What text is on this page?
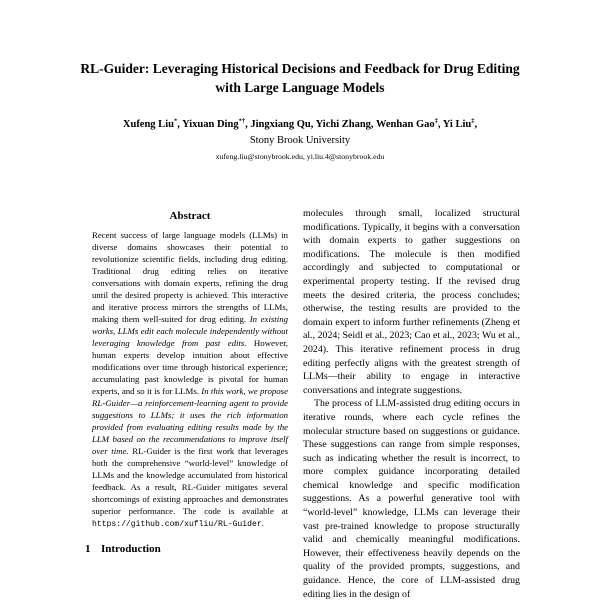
RL-Guider: Leveraging Historical Decisions and Feedback for Drug Editing with Large Language Models
Xufeng Liu*, Yixuan Ding*†, Jingxiang Qu, Yichi Zhang, Wenhan Gao‡, Yi Liu‡,
Stony Brook University
xufeng.liu@stonybrook.edu, yi.liu.4@stonybrook.edu
Abstract

Recent success of large language models (LLMs) in diverse domains showcases their potential to revolutionize scientific fields, including drug editing. Traditional drug editing relies on iterative conversations with domain experts, refining the drug until the desired property is achieved. This interactive and iterative process mirrors the strengths of LLMs, making them well-suited for drug editing. In existing works, LLMs edit each molecule independently without leveraging knowledge from past edits. However, human experts develop intuition about effective modifications over time through historical experience; accumulating past knowledge is pivotal for human experts, and so it is for LLMs. In this work, we propose RL-Guider—a reinforcement-learning agent to provide suggestions to LLMs; it uses the rich information provided from evaluating editing results made by the LLM based on the recommendations to improve itself over time. RL-Guider is the first work that leverages both the comprehensive “world-level” knowledge of LLMs and the knowledge accumulated from historical feedback. As a result, RL-Guider mitigates several shortcomings of existing approaches and demonstrates superior performance. The code is available at https://github.com/xufliu/RL-Guider.

1 Introduction

molecules through small, localized structural modifications. Typically, it begins with a conversation with domain experts to gather suggestions on modifications. The molecule is then modified accordingly and subjected to computational or experimental property testing. If the revised drug meets the desired criteria, the process concludes; otherwise, the testing results are provided to the domain expert to inform further refinements (Zheng et al., 2024; Seidl et al., 2023; Cao et al., 2023; Wu et al., 2024). This iterative refinement process in drug editing perfectly aligns with the greatest strength of LLMs—their ability to engage in interactive conversations and integrate suggestions.

The process of LLM-assisted drug editing occurs in iterative rounds, where each cycle refines the molecular structure based on suggestions or guidance. These suggestions can range from simple responses, such as indicating whether the result is incorrect, to more complex guidance incorporating detailed chemical knowledge and specific modification suggestions. As a powerful generative tool with “world-level” knowledge, LLMs can leverage their vast pre-trained knowledge to propose structurally valid and chemically meaningful modifications. However, their effectiveness heavily depends on the quality of the provided prompts, suggestions, and guidance. Hence, the core of LLM-assisted drug editing lies in the design of
